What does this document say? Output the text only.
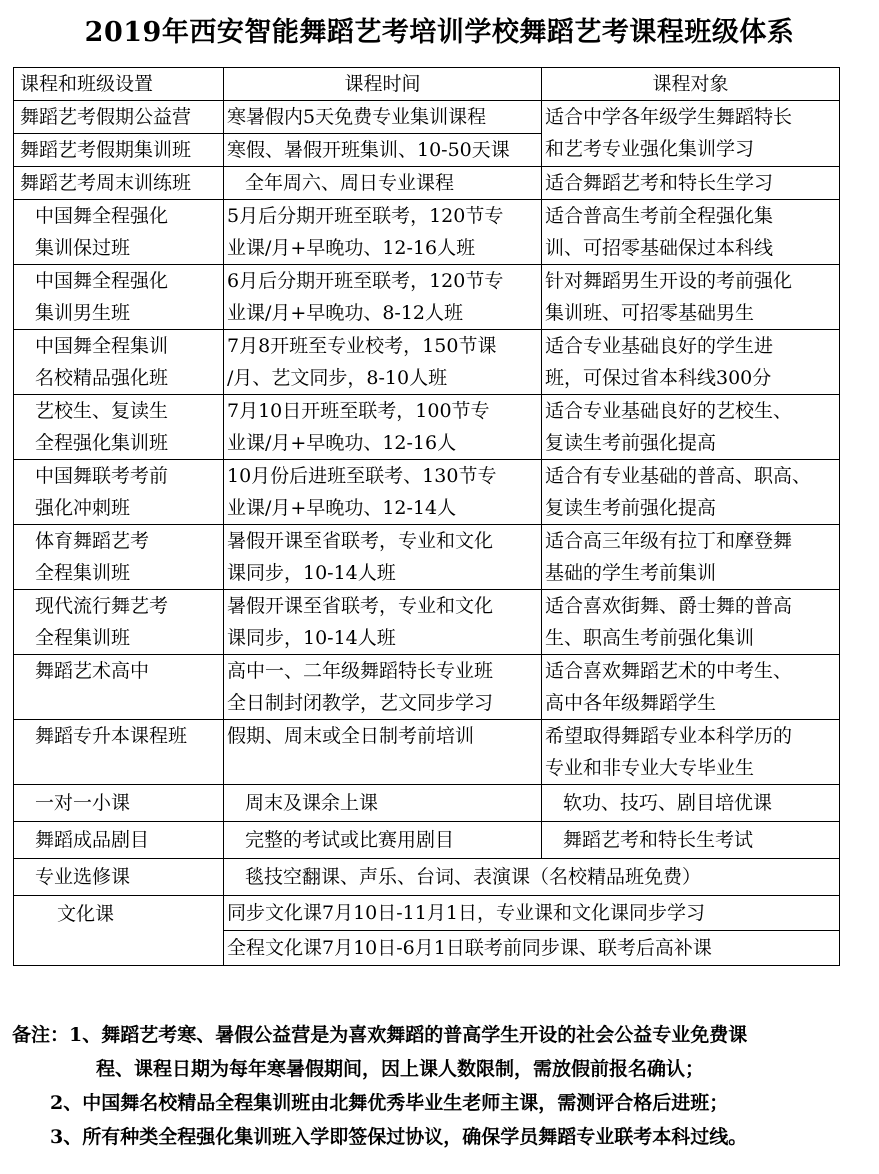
2019年西安智能舞蹈艺考培训学校舞蹈艺考课程班级体系
课程和班级设置	课程时间	课程对象
舞蹈艺考假期公益营	寒暑假内5天免费专业集训课程	适合中学各年级学生舞蹈特长
和艺考专业强化集训学习

舞蹈艺考假期集训班	寒假、暑假开班集训、10-50天课	
舞蹈艺考周末训练班	全年周六、周日专业课程	适合舞蹈艺考和特长生学习

中国舞全程强化
集训保过班	5月后分期开班至联考，120节专
业课/月+早晚功、12-16人班	适合普高生考前全程强化集
训、可招零基础保过本科线

中国舞全程强化
集训男生班	6月后分期开班至联考，120节专
业课/月+早晚功、8-12人班	针对舞蹈男生开设的考前强化
集训班、可招零基础男生

中国舞全程集训
名校精品强化班	7月8开班至专业校考，150节课
/月、艺文同步，8-10人班	适合专业基础良好的学生进
班，可保过省本科线300分

艺校生、复读生
全程强化集训班	7月10日开班至联考，100节专
业课/月+早晚功、12-16人	适合专业基础良好的艺校生、
复读生考前强化提高

中国舞联考考前
强化冲刺班	10月份后进班至联考、130节专
业课/月+早晚功、12-14人	适合有专业基础的普高、职高、
复读生考前强化提高

体育舞蹈艺考
全程集训班	暑假开课至省联考，专业和文化
课同步，10-14人班	适合高三年级有拉丁和摩登舞
基础的学生考前集训

现代流行舞艺考
全程集训班	暑假开课至省联考，专业和文化
课同步，10-14人班	适合喜欢街舞、爵士舞的普高
生、职高生考前强化集训

舞蹈艺术高中	高中一、二年级舞蹈特长专业班
全日制封闭教学，艺文同步学习	适合喜欢舞蹈艺术的中考生、
高中各年级舞蹈学生

舞蹈专升本课程班	假期、周末或全日制考前培训	希望取得舞蹈专业本科学历的
专业和非专业大专毕业生

一对一小课	周末及课余上课	软功、技巧、剧目培优课

舞蹈成品剧目	完整的考试或比赛用剧目	舞蹈艺考和特长生考试

专业选修课	毯技空翻课、声乐、台词、表演课（名校精品班免费）	

文化课	同步文化课7月10日-11月1日，专业课和文化课同步学习	
	全程文化课7月10日-6月1日联考前同步课、联考后高补课	
备注：1、舞蹈艺考寒、暑假公益营是为喜欢舞蹈的普高学生开设的社会公益专业免费课
程、课程日期为每年寒暑假期间，因上课人数限制，需放假前报名确认；
2、中国舞名校精品全程集训班由北舞优秀毕业生老师主课，需测评合格后进班；
3、所有种类全程强化集训班入学即签保过协议，确保学员舞蹈专业联考本科过线。
